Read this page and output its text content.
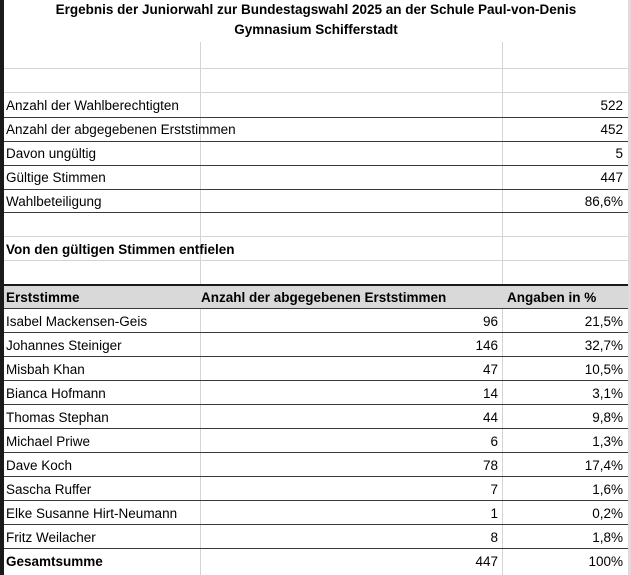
Ergebnis der Juniorwahl zur Bundestagswahl 2025 an der Schule Paul-von-Denis
Gymnasium Schifferstadt
Anzahl der Wahlberechtigten	522
Anzahl der abgegebenen Erststimmen	452
Davon ungültig	5
Gültige Stimmen	447
Wahlbeteiligung	86,6%
Von den gültigen Stimmen entfielen
Erststimme	Anzahl der abgegebenen Erststimmen	Angaben in %
Isabel Mackensen-Geis	96	21,5%
Johannes Steiniger	146	32,7%
Misbah Khan	47	10,5%
Bianca Hofmann	14	3,1%
Thomas Stephan	44	9,8%
Michael Priwe	6	1,3%
Dave Koch	78	17,4%
Sascha Ruffer	7	1,6%
Elke Susanne Hirt-Neumann	1	0,2%
Fritz Weilacher	8	1,8%
Gesamtsumme	447	100%
